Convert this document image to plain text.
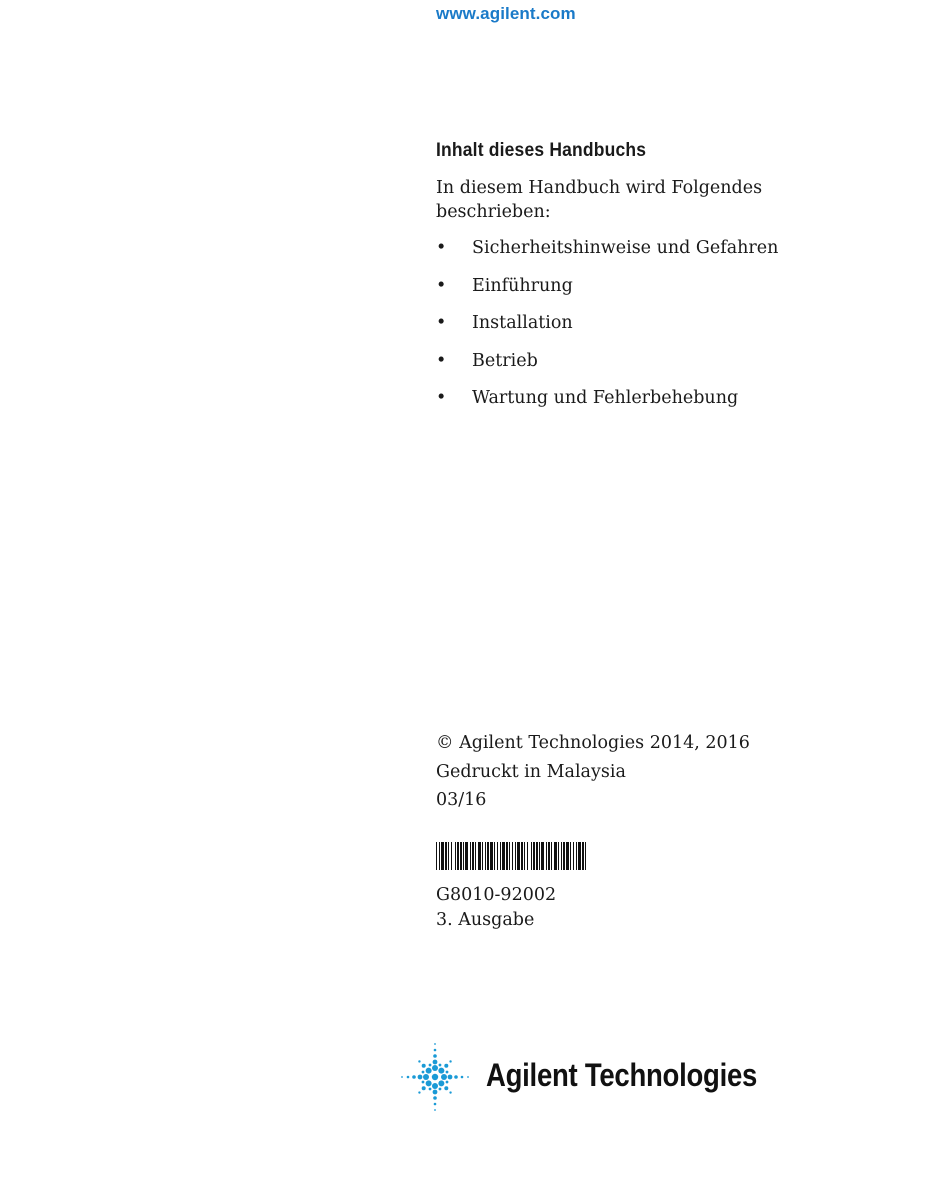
www.agilent.com
Inhalt dieses Handbuchs

In diesem Handbuch wird Folgendes beschrieben:

• Sicherheitshinweise und Gefahren
• Einführung
• Installation
• Betrieb
• Wartung und Fehlerbehebung
© Agilent Technologies 2014, 2016
Gedruckt in Malaysia
03/16
G8010-92002
3. Ausgabe
Agilent Technologies
